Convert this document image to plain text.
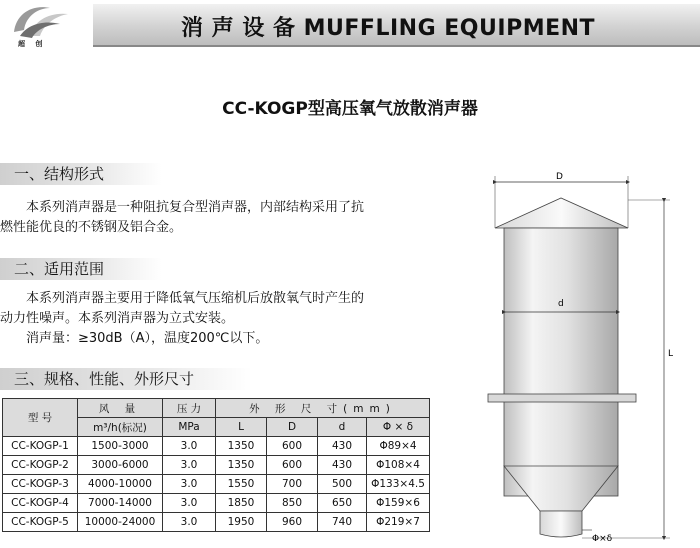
超 创
消 声 设 备 MUFFLING EQUIPMENT
CC-KOGP型高压氧气放散消声器
一、结构形式
　　本系列消声器是一种阻抗复合型消声器，内部结构采用了抗
燃性能优良的不锈钢及铝合金。
二、适用范围
　　本系列消声器主要用于降低氧气压缩机后放散氧气时产生的
动力性噪声。本系列消声器为立式安装。
　　消声量：≥30dB（A），温度200℃以下。
三、规格、性能、外形尺寸
型 号	风 量	压 力	外 形 尺 寸(mm)			
	m³/h(标况)	MPa	L	D	d	Φ × δ
CC-KOGP-1	1500-3000	3.0	1350	600	430	Φ89×4
CC-KOGP-2	3000-6000	3.0	1350	600	430	Φ108×4
CC-KOGP-3	4000-10000	3.0	1550	700	500	Φ133×4.5
CC-KOGP-4	7000-14000	3.0	1850	850	650	Φ159×6
CC-KOGP-5	10000-24000	3.0	1950	960	740	Φ219×7
D
d
L
Φ×δ
